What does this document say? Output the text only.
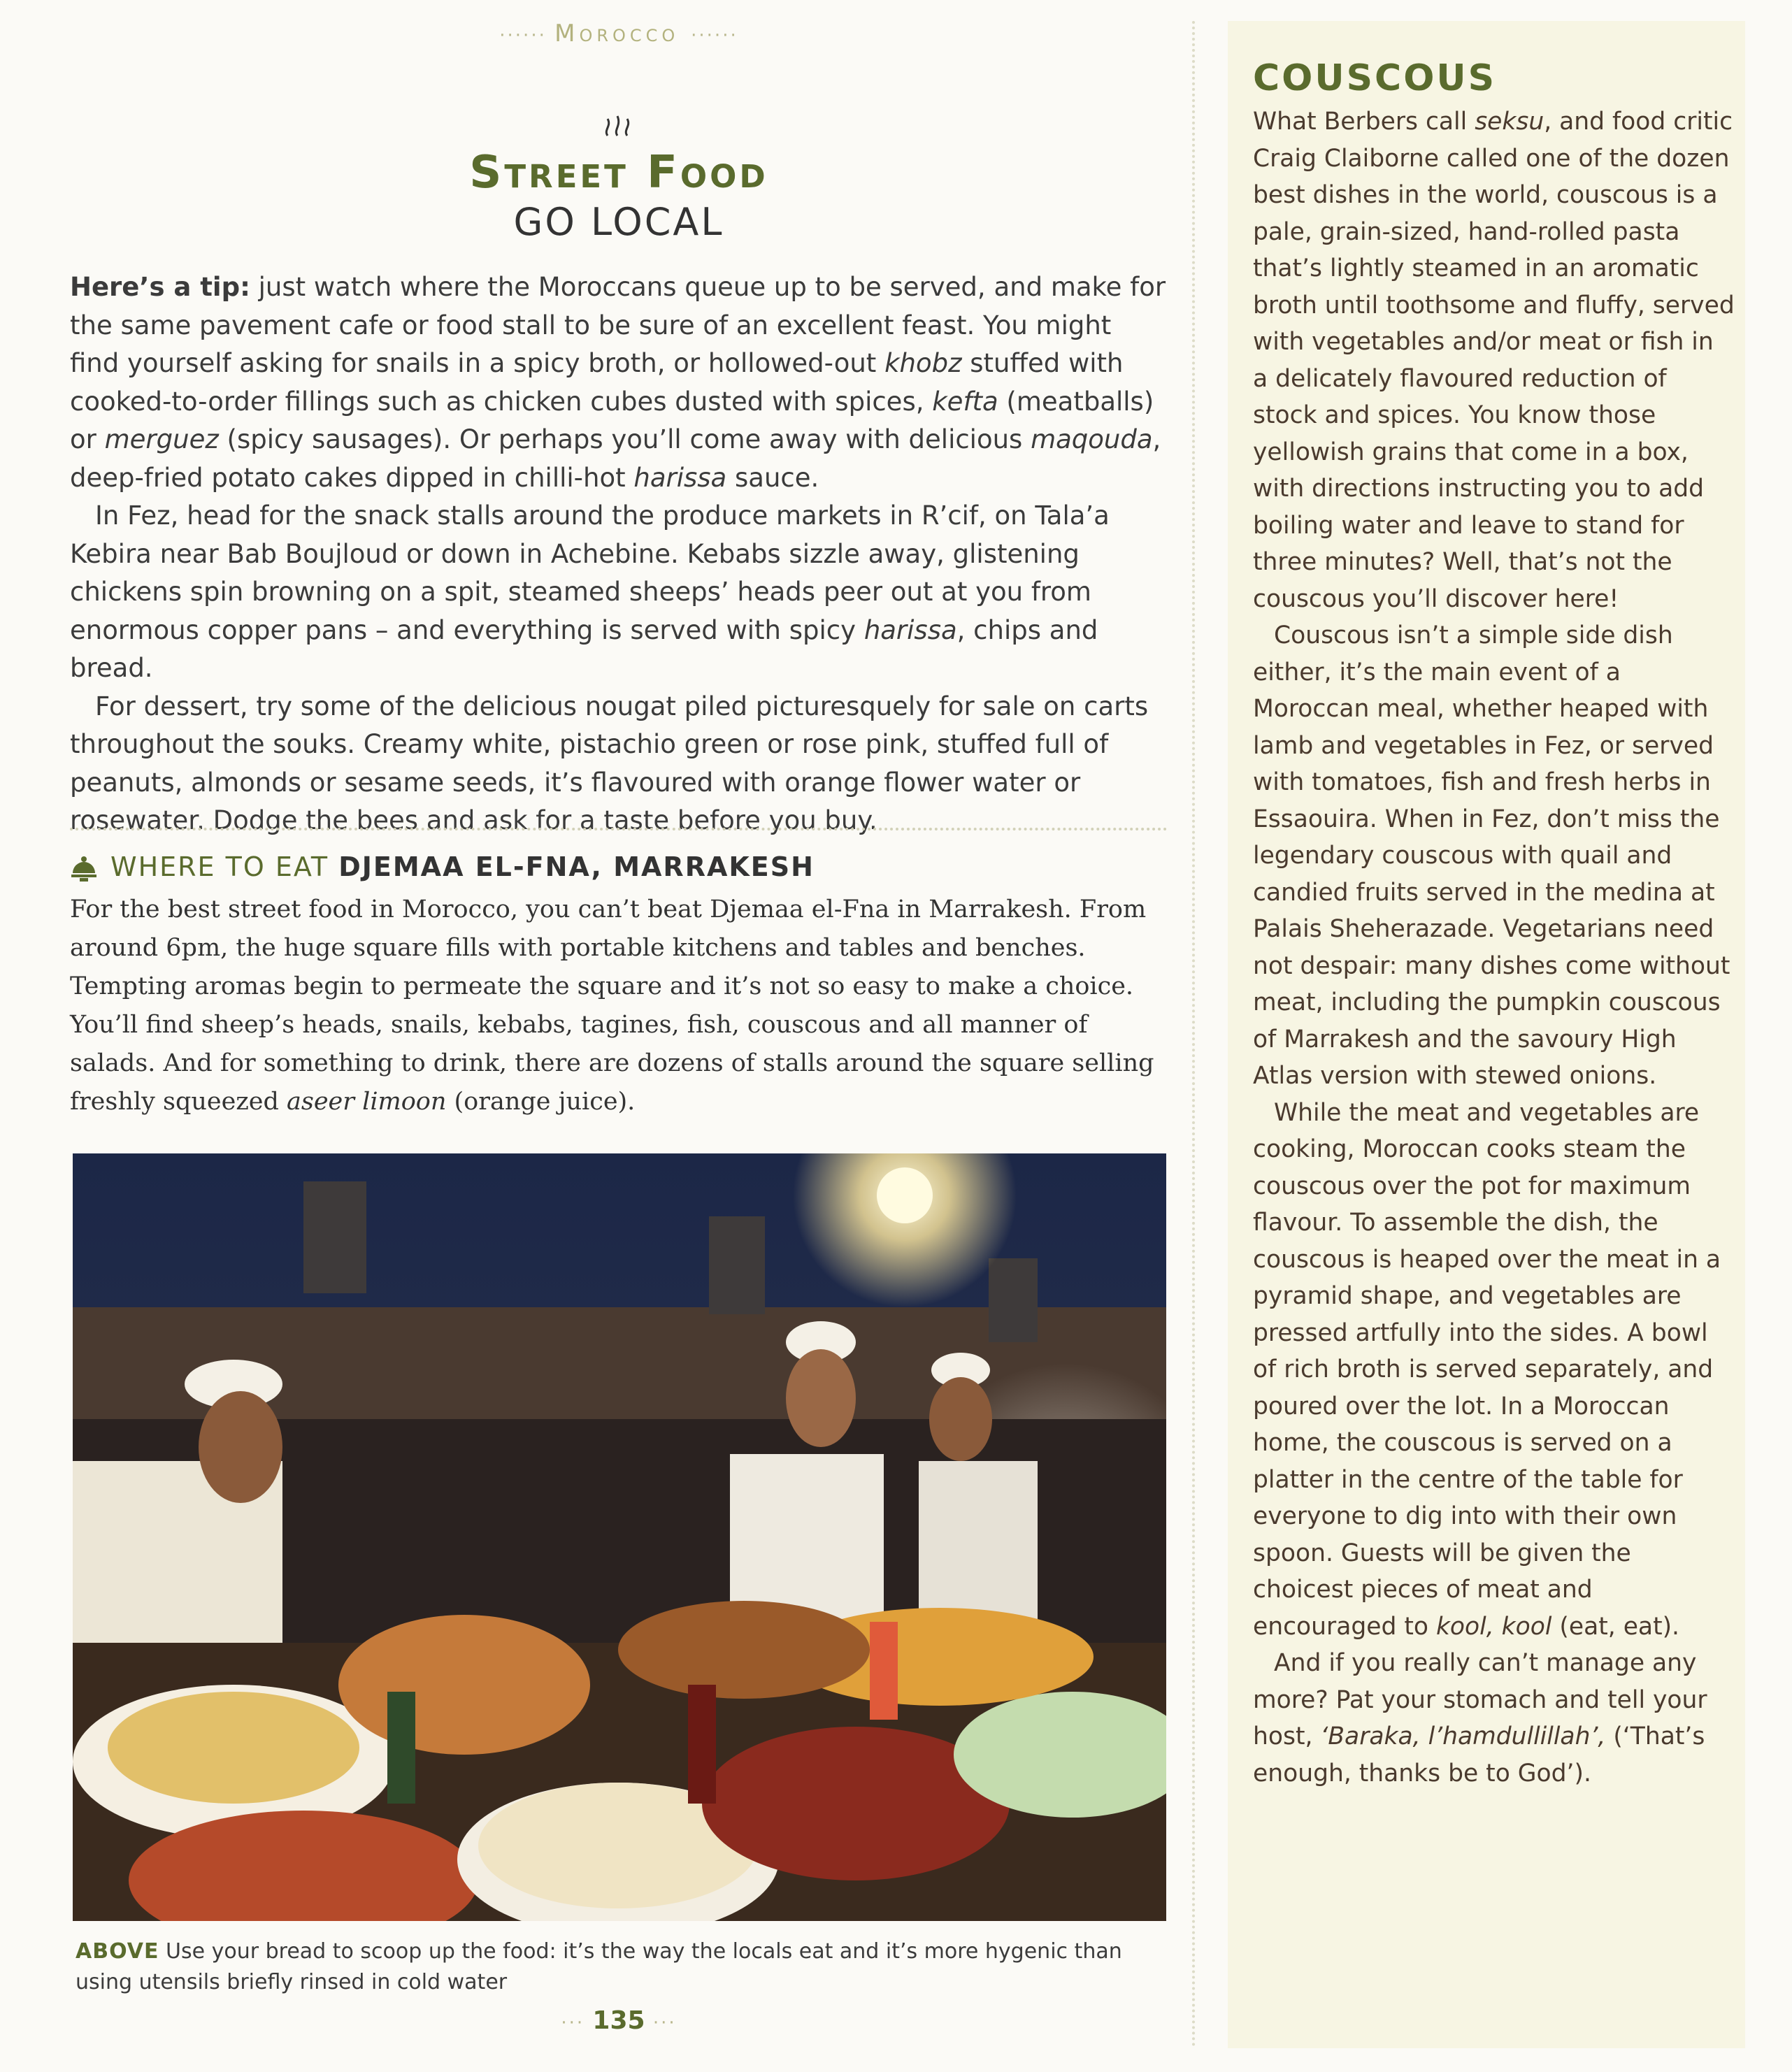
······ Morocco ······
Street Food
GO LOCAL

Here’s a tip: just watch where the Moroccans queue up to be served, and make for the same pavement cafe or food stall to be sure of an excellent feast. You might find yourself asking for snails in a spicy broth, or hollowed-out khobz stuffed with cooked-to-order fillings such as chicken cubes dusted with spices, kefta (meatballs) or merguez (spicy sausages). Or perhaps you’ll come away with delicious maqouda, deep-fried potato cakes dipped in chilli-hot harissa sauce.

In Fez, head for the snack stalls around the produce markets in R’cif, on Tala’a Kebira near Bab Boujloud or down in Achebine. Kebabs sizzle away, glistening chickens spin browning on a spit, steamed sheeps’ heads peer out at you from enormous copper pans – and everything is served with spicy harissa, chips and bread.

For dessert, try some of the delicious nougat piled picturesquely for sale on carts throughout the souks. Creamy white, pistachio green or rose pink, stuffed full of peanuts, almonds or sesame seeds, it’s flavoured with orange flower water or rosewater. Dodge the bees and ask for a taste before you buy.

WHERE TO EAT DJEMAA EL-FNA, MARRAKESH

For the best street food in Morocco, you can’t beat Djemaa el-Fna in Marrakesh. From around 6pm, the huge square fills with portable kitchens and tables and benches. Tempting aromas begin to permeate the square and it’s not so easy to make a choice. You’ll find sheep’s heads, snails, kebabs, tagines, fish, couscous and all manner of salads. And for something to drink, there are dozens of stalls around the square selling freshly squeezed aseer limoon (orange juice).

ABOVE Use your bread to scoop up the food: it’s the way the locals eat and it’s more hygenic than using utensils briefly rinsed in cold water
··· 135 ···
COUSCOUS

What Berbers call seksu, and food critic Craig Claiborne called one of the dozen best dishes in the world, couscous is a pale, grain-sized, hand-rolled pasta that’s lightly steamed in an aromatic broth until toothsome and fluffy, served with vegetables and/or meat or fish in a delicately flavoured reduction of stock and spices. You know those yellowish grains that come in a box, with directions instructing you to add boiling water and leave to stand for three minutes? Well, that’s not the couscous you’ll discover here!

Couscous isn’t a simple side dish either, it’s the main event of a Moroccan meal, whether heaped with lamb and vegetables in Fez, or served with tomatoes, fish and fresh herbs in Essaouira. When in Fez, don’t miss the legendary couscous with quail and candied fruits served in the medina at Palais Sheherazade. Vegetarians need not despair: many dishes come without meat, including the pumpkin couscous of Marrakesh and the savoury High Atlas version with stewed onions.

While the meat and vegetables are cooking, Moroccan cooks steam the couscous over the pot for maximum flavour. To assemble the dish, the couscous is heaped over the meat in a pyramid shape, and vegetables are pressed artfully into the sides. A bowl of rich broth is served separately, and poured over the lot. In a Moroccan home, the couscous is served on a platter in the centre of the table for everyone to dig into with their own spoon. Guests will be given the choicest pieces of meat and encouraged to kool, kool (eat, eat).

And if you really can’t manage any more? Pat your stomach and tell your host, ‘Baraka, l’hamdullillah’, (‘That’s enough, thanks be to God’).
